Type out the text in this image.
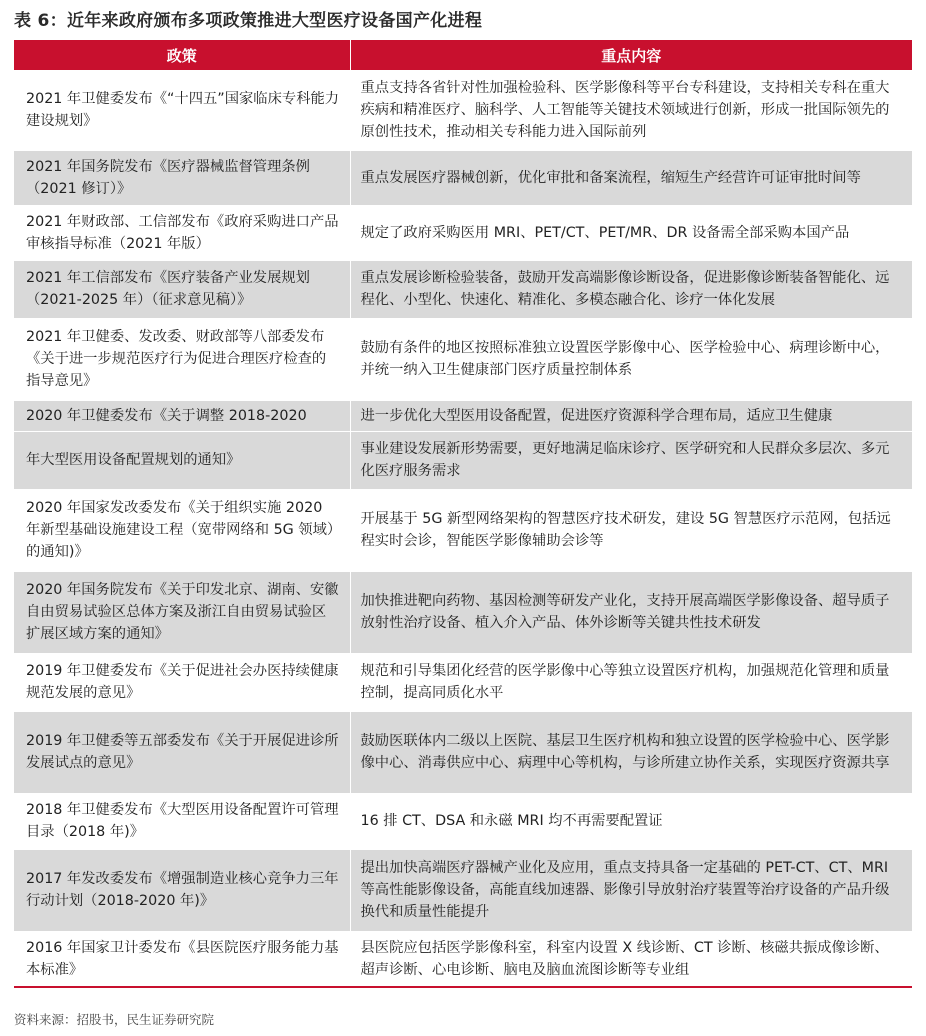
表 6：近年来政府颁布多项政策推进大型医疗设备国产化进程
政策	重点内容
2021 年卫健委发布《“十四五”国家临床专科能力建设规划》	重点支持各省针对性加强检验科、医学影像科等平台专科建设，支持相关专科在重大疾病和精准医疗、脑科学、人工智能等关键技术领域进行创新，形成一批国际领先的原创性技术，推动相关专科能力进入国际前列
2021 年国务院发布《医疗器械监督管理条例（2021 修订）》	重点发展医疗器械创新，优化审批和备案流程，缩短生产经营许可证审批时间等
2021 年财政部、工信部发布《政府采购进口产品审核指导标准（2021 年版）	规定了政府采购医用 MRI、PET/CT、PET/MR、DR 设备需全部采购本国产品
2021 年工信部发布《医疗装备产业发展规划（2021-2025 年）（征求意见稿）》	重点发展诊断检验装备，鼓励开发高端影像诊断设备，促进影像诊断装备智能化、远程化、小型化、快速化、精准化、多模态融合化、诊疗一体化发展
2021 年卫健委、发改委、财政部等八部委发布《关于进一步规范医疗行为促进合理医疗检查的指导意见》	鼓励有条件的地区按照标准独立设置医学影像中心、医学检验中心、病理诊断中心，并统一纳入卫生健康部门医疗质量控制体系
2020 年卫健委发布《关于调整 2018-2020	进一步优化大型医用设备配置，促进医疗资源科学合理布局，适应卫生健康
年大型医用设备配置规划的通知》	事业建设发展新形势需要，更好地满足临床诊疗、医学研究和人民群众多层次、多元化医疗服务需求
2020 年国家发改委发布《关于组织实施 2020 年新型基础设施建设工程（宽带网络和 5G 领域）的通知)》	开展基于 5G 新型网络架构的智慧医疗技术研发，建设 5G 智慧医疗示范网，包括远程实时会诊，智能医学影像辅助会诊等
2020 年国务院发布《关于印发北京、湖南、安徽自由贸易试验区总体方案及浙江自由贸易试验区扩展区域方案的通知》	加快推进靶向药物、基因检测等研发产业化，支持开展高端医学影像设备、超导质子放射性治疗设备、植入介入产品、体外诊断等关键共性技术研发
2019 年卫健委发布《关于促进社会办医持续健康规范发展的意见》	规范和引导集团化经营的医学影像中心等独立设置医疗机构，加强规范化管理和质量控制，提高同质化水平
2019 年卫健委等五部委发布《关于开展促进诊所发展试点的意见》	鼓励医联体内二级以上医院、基层卫生医疗机构和独立设置的医学检验中心、医学影像中心、消毒供应中心、病理中心等机构，与诊所建立协作关系，实现医疗资源共享
2018 年卫健委发布《大型医用设备配置许可管理目录（2018 年)》	16 排 CT、DSA 和永磁 MRI 均不再需要配置证
2017 年发改委发布《增强制造业核心竞争力三年行动计划（2018-2020 年)》	提出加快高端医疗器械产业化及应用，重点支持具备一定基础的 PET-CT、CT、MRI 等高性能影像设备，高能直线加速器、影像引导放射治疗装置等治疗设备的产品升级换代和质量性能提升
2016 年国家卫计委发布《县医院医疗服务能力基本标准》	县医院应包括医学影像科室，科室内设置 X 线诊断、CT 诊断、核磁共振成像诊断、超声诊断、心电诊断、脑电及脑血流图诊断等专业组
资料来源：招股书，民生证券研究院
